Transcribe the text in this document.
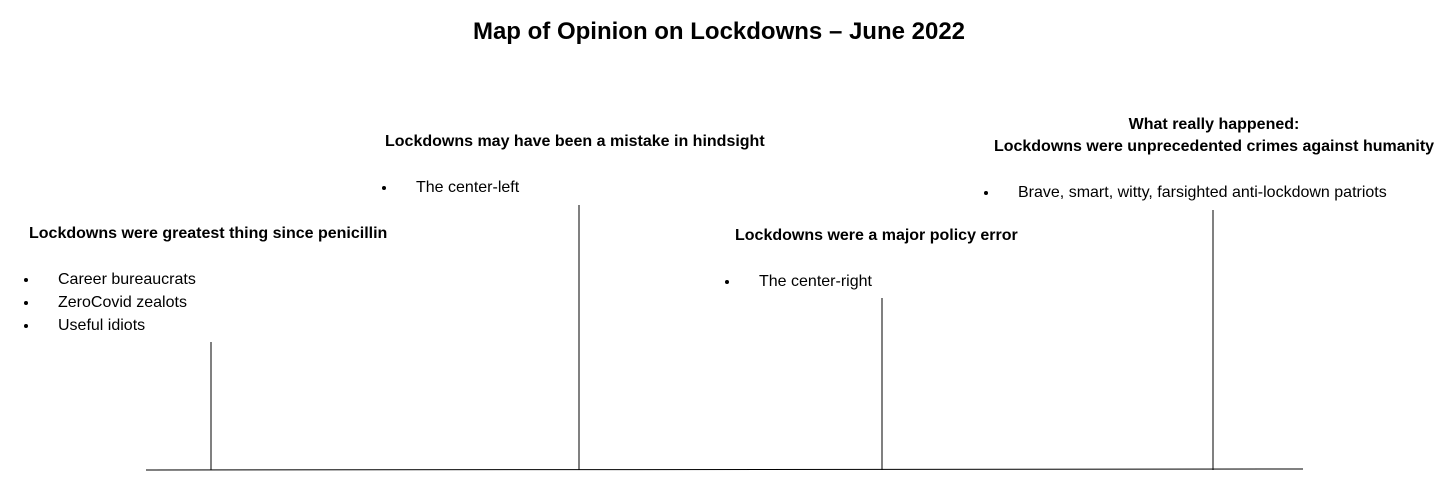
Map of Opinion on Lockdowns – June 2022
Lockdowns were greatest thing since penicillin
Career bureaucrats
ZeroCovid zealots
Useful idiots
Lockdowns may have been a mistake in hindsight
The center-left
Lockdowns were a major policy error
The center-right
What really happened:
Lockdowns were unprecedented crimes against humanity
Brave, smart, witty, farsighted anti-lockdown patriots
